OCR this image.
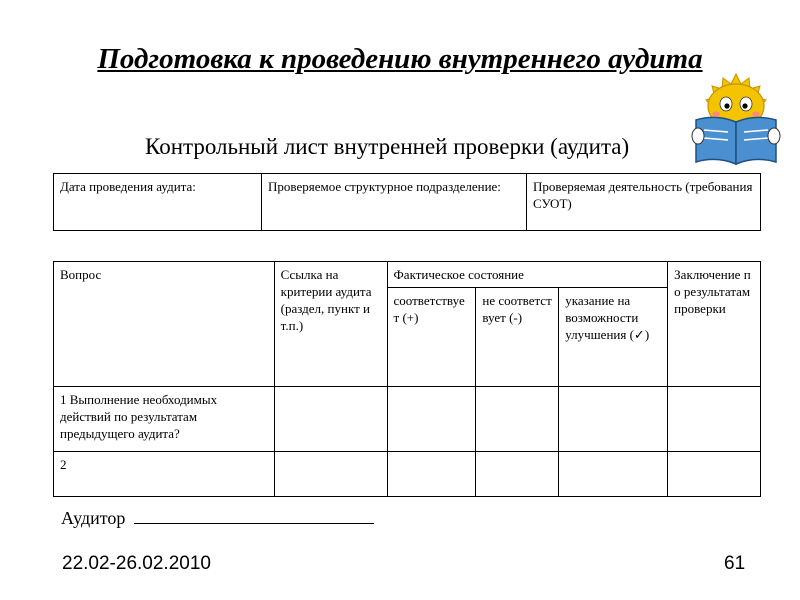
Подготовка к проведению внутреннего аудита
Контрольный лист внутренней проверки (аудита)
Дата проведения аудита:	Проверяемое структурное подразделение:	Проверяемая деятельность (требования СУОТ)
Вопрос	Ссылка на критерии аудита (раздел, пункт и т.п.)	Фактическое состояние			Заключение по результатам проверки
		соответствует (+)	не соответствует (-)	указание на возможности улучшения (✓)	
1 Выполнение необходимых действий по результатам предыдущего аудита?					
2					
Аудитор
22.02-26.02.2010	61
